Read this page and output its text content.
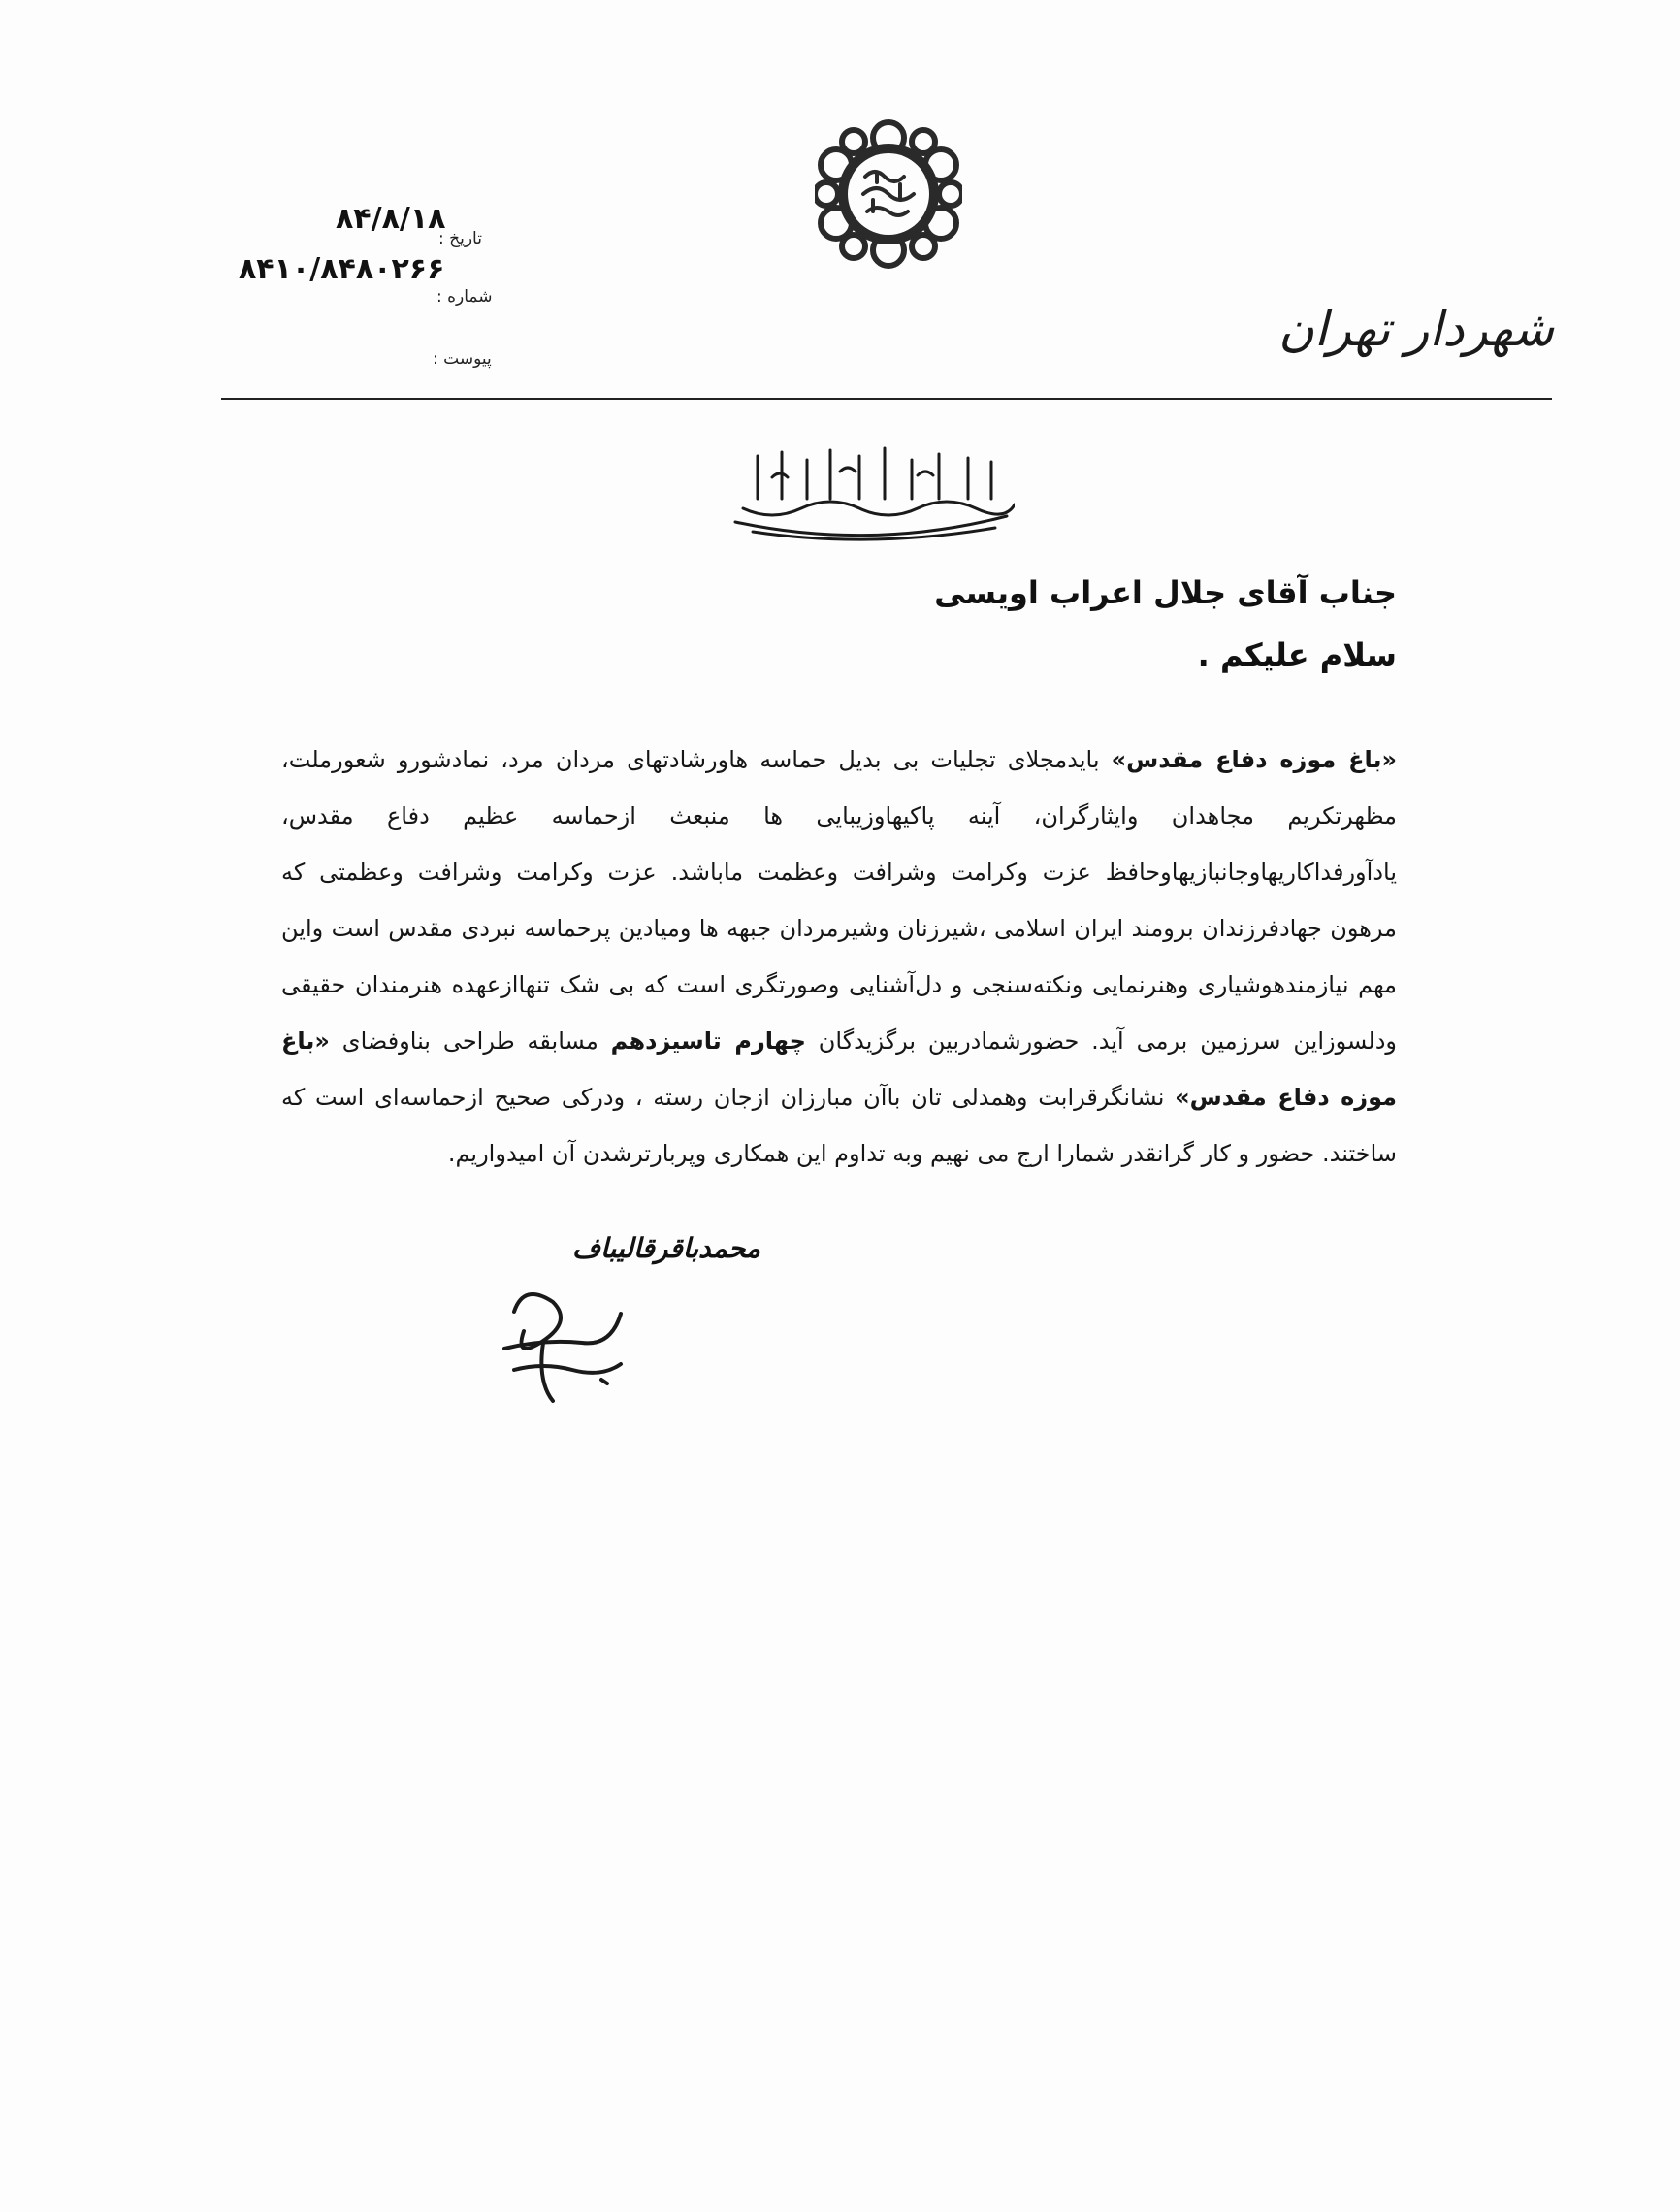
۸۴/۸/۱۸
تاریخ :
۸۴۱۰/۸۴۸۰۲۶۶
شماره :
پیوست :
شهردار تهران
جناب آقای جلال اعراب اویسی
سلام علیکم .
«باغ موزه دفاع مقدس» بایدمجلای تجلیات بی بدیل حماسه هاورشادتهای مردان مرد، نمادشورو شعورملت، مظهرتکریم مجاهدان وایثارگران، آینه پاکیهاوزیبایی ها منبعث ازحماسه عظیم دفاع مقدس، یادآورفداکاریهاوجانبازیهاوحافظ عزت وکرامت وشرافت وعظمت ماباشد. عزت وکرامت وشرافت وعظمتی که مرهون جهادفرزندان برومند ایران اسلامی ،شیرزنان وشیرمردان جبهه ها ومیادین پرحماسه نبردی مقدس است واین مهم نیازمندهوشیاری وهنرنمایی ونکته‌سنجی و دل‌آشنایی وصورتگری است که بی شک تنهاازعهده هنرمندان حقیقی ودلسوزاین سرزمین برمی آید. حضورشمادربین برگزیدگان چهارم تاسیزدهم مسابقه طراحی بناوفضای «باغ موزه دفاع مقدس» نشانگرقرابت وهمدلی تان باآن مبارزان ازجان رسته ، ودرکی صحیح ازحماسه‌ای است که ساختند. حضور و کار گرانقدر شمارا ارج می نهیم وبه تداوم این همکاری وپربارترشدن آن امیدواریم.
محمدباقرقالیباف
